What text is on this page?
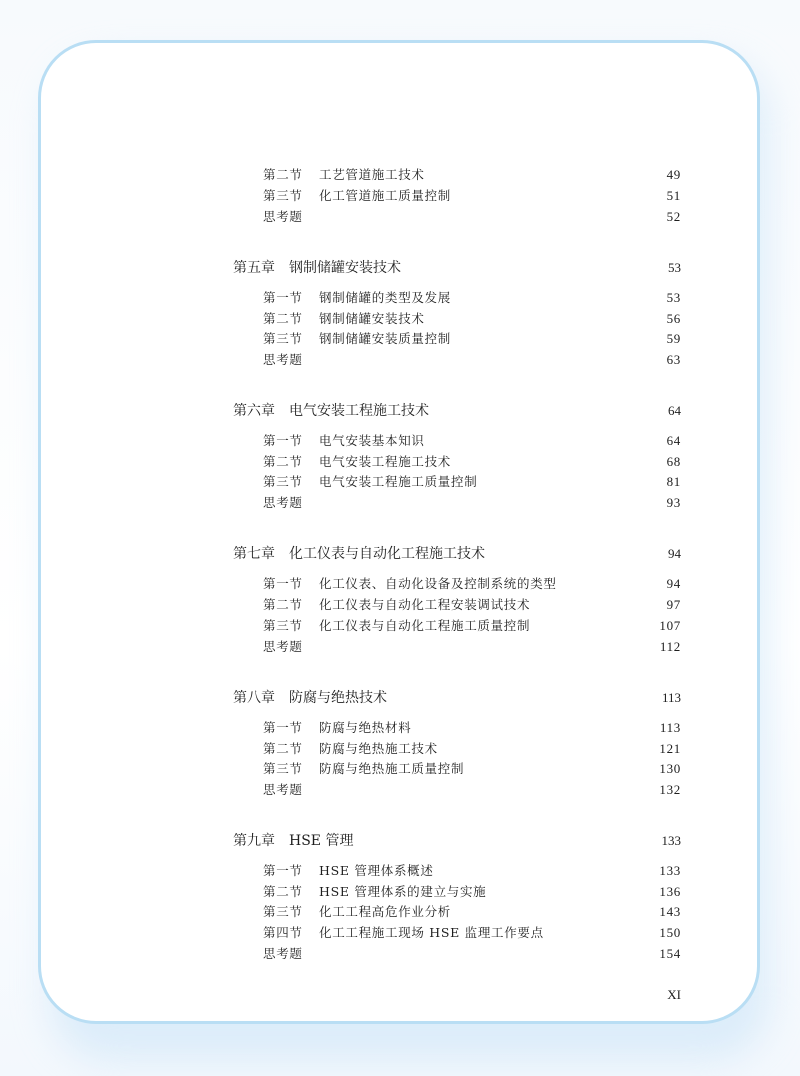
第二节 工艺管道施工技术	49
第三节 化工管道施工质量控制	51
思考题	52
第五章 钢制储罐安装技术	53
第一节 钢制储罐的类型及发展	53
第二节 钢制储罐安装技术	56
第三节 钢制储罐安装质量控制	59
思考题	63
第六章 电气安装工程施工技术	64
第一节 电气安装基本知识	64
第二节 电气安装工程施工技术	68
第三节 电气安装工程施工质量控制	81
思考题	93
第七章 化工仪表与自动化工程施工技术	94
第一节 化工仪表、自动化设备及控制系统的类型	94
第二节 化工仪表与自动化工程安装调试技术	97
第三节 化工仪表与自动化工程施工质量控制	107
思考题	112
第八章 防腐与绝热技术	113
第一节 防腐与绝热材料	113
第二节 防腐与绝热施工技术	121
第三节 防腐与绝热施工质量控制	130
思考题	132
第九章 HSE 管理	133
第一节 HSE 管理体系概述	133
第二节 HSE 管理体系的建立与实施	136
第三节 化工工程高危作业分析	143
第四节 化工工程施工现场 HSE 监理工作要点	150
思考题	154
XI
